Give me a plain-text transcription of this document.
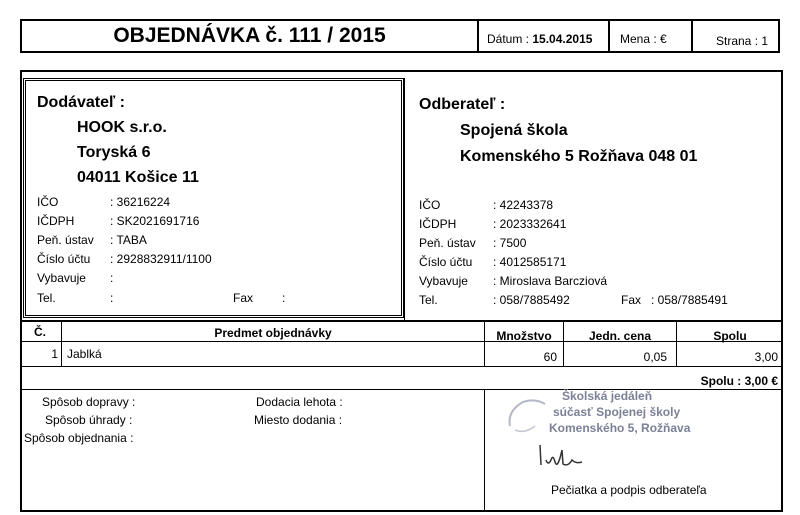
OBJEDNÁVKA č. 111 / 2015	Dátum : 15.04.2015 Mena : €	Strana : 1
Dodávateľ :
HOOK s.r.o.
Toryská 6
04011 Košice 11
IČO	: 36216224
IČDPH	: SK2021691716
Peň. ústav : TABA
Číslo účtu : 2928832911/1100
Vybavuje :
Tel.	:	Fax :
Odberateľ :
Spojená škola
Komenského 5 Rožňava 048 01
IČO	: 42243378
IČDPH	: 2023332641
Peň. ústav : 7500
Číslo účtu : 4012585171
Vybavuje : Miroslava Barcziová
Tel.	: 058/7885492	Fax : 058/7885491
Č.	Predmet objednávky	Množstvo	Jedn. cena	Spolu
1 Jablká	60	0,05	3,00
Spolu : 3,00 €
Spôsob dopravy :
Spôsob úhrady :
Spôsob objednania :
Dodacia lehota :
Miesto dodania :
Školská jedáleň
súčasť Spojenej školy
Komenského 5, Rožňava
Pečiatka a podpis odberateľa
